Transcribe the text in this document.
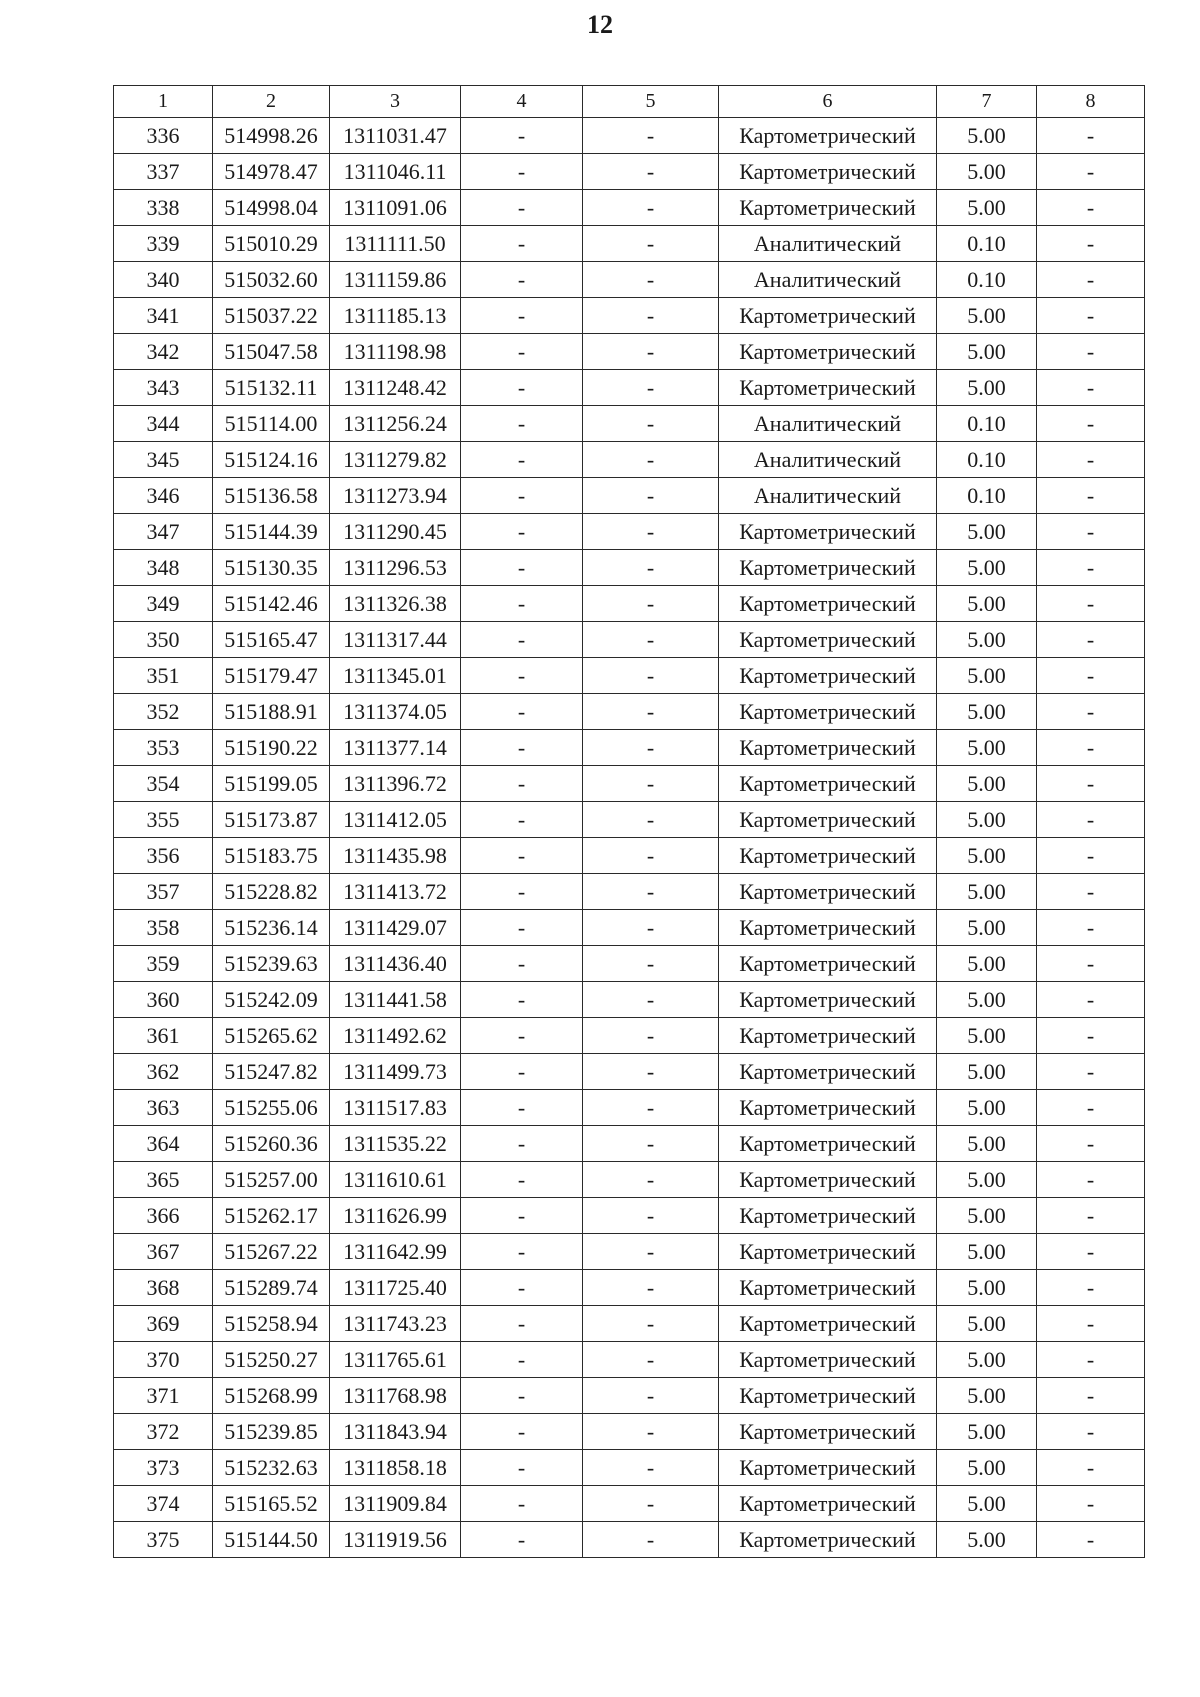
12
1	2	3	4	5	6	7	8
336	514998.26	1311031.47	-	-	Картометрический	5.00	-
337	514978.47	1311046.11	-	-	Картометрический	5.00	-
338	514998.04	1311091.06	-	-	Картометрический	5.00	-
339	515010.29	1311111.50	-	-	Аналитический	0.10	-
340	515032.60	1311159.86	-	-	Аналитический	0.10	-
341	515037.22	1311185.13	-	-	Картометрический	5.00	-
342	515047.58	1311198.98	-	-	Картометрический	5.00	-
343	515132.11	1311248.42	-	-	Картометрический	5.00	-
344	515114.00	1311256.24	-	-	Аналитический	0.10	-
345	515124.16	1311279.82	-	-	Аналитический	0.10	-
346	515136.58	1311273.94	-	-	Аналитический	0.10	-
347	515144.39	1311290.45	-	-	Картометрический	5.00	-
348	515130.35	1311296.53	-	-	Картометрический	5.00	-
349	515142.46	1311326.38	-	-	Картометрический	5.00	-
350	515165.47	1311317.44	-	-	Картометрический	5.00	-
351	515179.47	1311345.01	-	-	Картометрический	5.00	-
352	515188.91	1311374.05	-	-	Картометрический	5.00	-
353	515190.22	1311377.14	-	-	Картометрический	5.00	-
354	515199.05	1311396.72	-	-	Картометрический	5.00	-
355	515173.87	1311412.05	-	-	Картометрический	5.00	-
356	515183.75	1311435.98	-	-	Картометрический	5.00	-
357	515228.82	1311413.72	-	-	Картометрический	5.00	-
358	515236.14	1311429.07	-	-	Картометрический	5.00	-
359	515239.63	1311436.40	-	-	Картометрический	5.00	-
360	515242.09	1311441.58	-	-	Картометрический	5.00	-
361	515265.62	1311492.62	-	-	Картометрический	5.00	-
362	515247.82	1311499.73	-	-	Картометрический	5.00	-
363	515255.06	1311517.83	-	-	Картометрический	5.00	-
364	515260.36	1311535.22	-	-	Картометрический	5.00	-
365	515257.00	1311610.61	-	-	Картометрический	5.00	-
366	515262.17	1311626.99	-	-	Картометрический	5.00	-
367	515267.22	1311642.99	-	-	Картометрический	5.00	-
368	515289.74	1311725.40	-	-	Картометрический	5.00	-
369	515258.94	1311743.23	-	-	Картометрический	5.00	-
370	515250.27	1311765.61	-	-	Картометрический	5.00	-
371	515268.99	1311768.98	-	-	Картометрический	5.00	-
372	515239.85	1311843.94	-	-	Картометрический	5.00	-
373	515232.63	1311858.18	-	-	Картометрический	5.00	-
374	515165.52	1311909.84	-	-	Картометрический	5.00	-
375	515144.50	1311919.56	-	-	Картометрический	5.00	-
